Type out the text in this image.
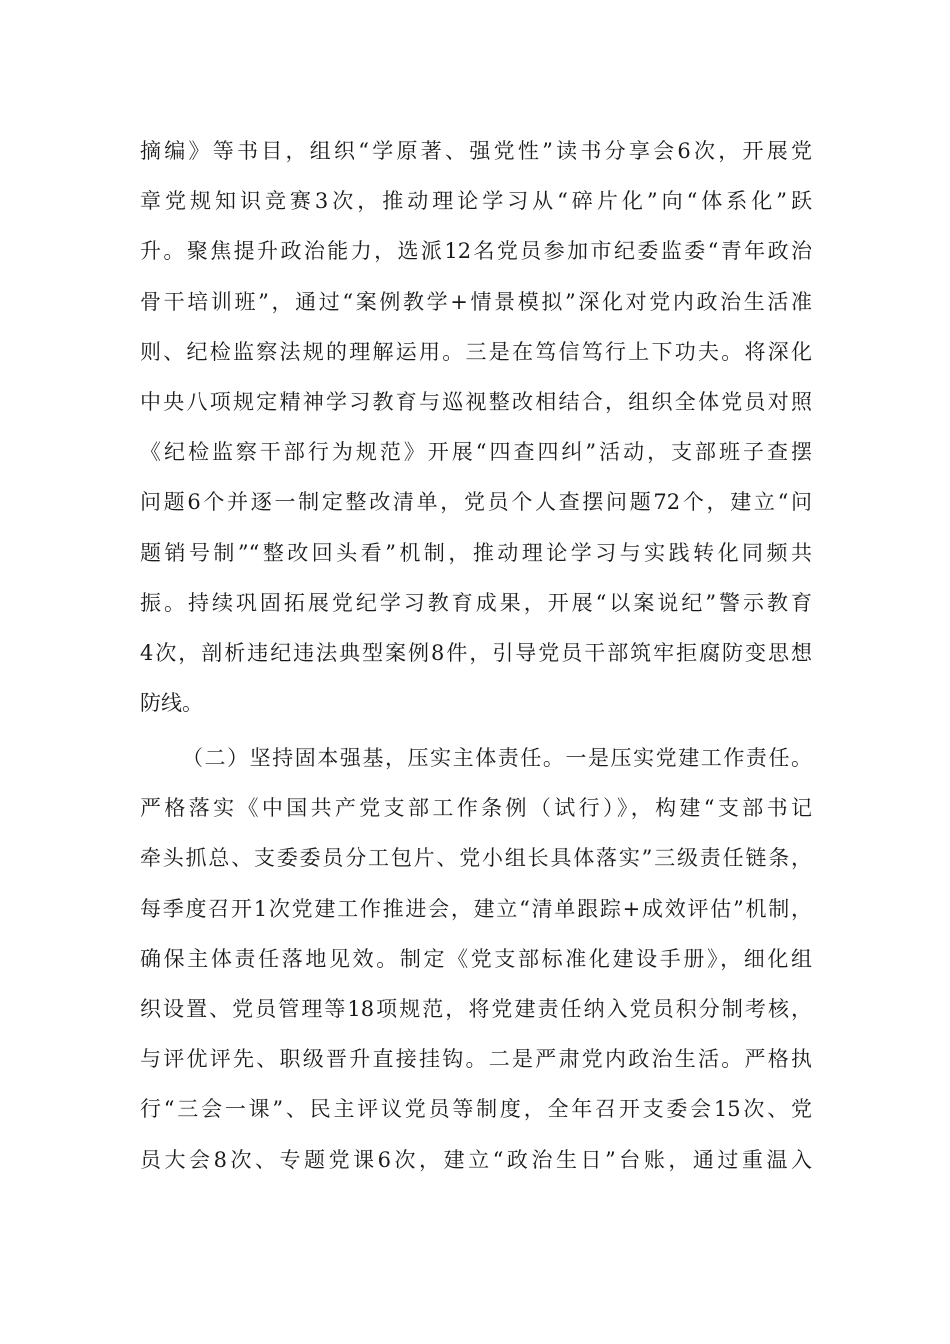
摘编》等书目，组织“学原著、强党性”读书分享会6次，开展党
章党规知识竞赛3次，推动理论学习从“碎片化”向“体系化”跃
升。聚焦提升政治能力，选派12名党员参加市纪委监委“青年政治
骨干培训班”，通过“案例教学+情景模拟”深化对党内政治生活准
则、纪检监察法规的理解运用。三是在笃信笃行上下功夫。将深化
中央八项规定精神学习教育与巡视整改相结合，组织全体党员对照
《纪检监察干部行为规范》开展“四查四纠”活动，支部班子查摆
问题6个并逐一制定整改清单，党员个人查摆问题72个，建立“问
题销号制”“整改回头看”机制，推动理论学习与实践转化同频共
振。持续巩固拓展党纪学习教育成果，开展“以案说纪”警示教育
4次，剖析违纪违法典型案例8件，引导党员干部筑牢拒腐防变思想
防线。
（二）坚持固本强基，压实主体责任。一是压实党建工作责任。
严格落实《中国共产党支部工作条例（试行）》，构建“支部书记
牵头抓总、支委委员分工包片、党小组长具体落实”三级责任链条，
每季度召开1次党建工作推进会，建立“清单跟踪+成效评估”机制，
确保主体责任落地见效。制定《党支部标准化建设手册》，细化组
织设置、党员管理等18项规范，将党建责任纳入党员积分制考核，
与评优评先、职级晋升直接挂钩。二是严肃党内政治生活。严格执
行“三会一课”、民主评议党员等制度，全年召开支委会15次、党
员大会8次、专题党课6次，建立“政治生日”台账，通过重温入
